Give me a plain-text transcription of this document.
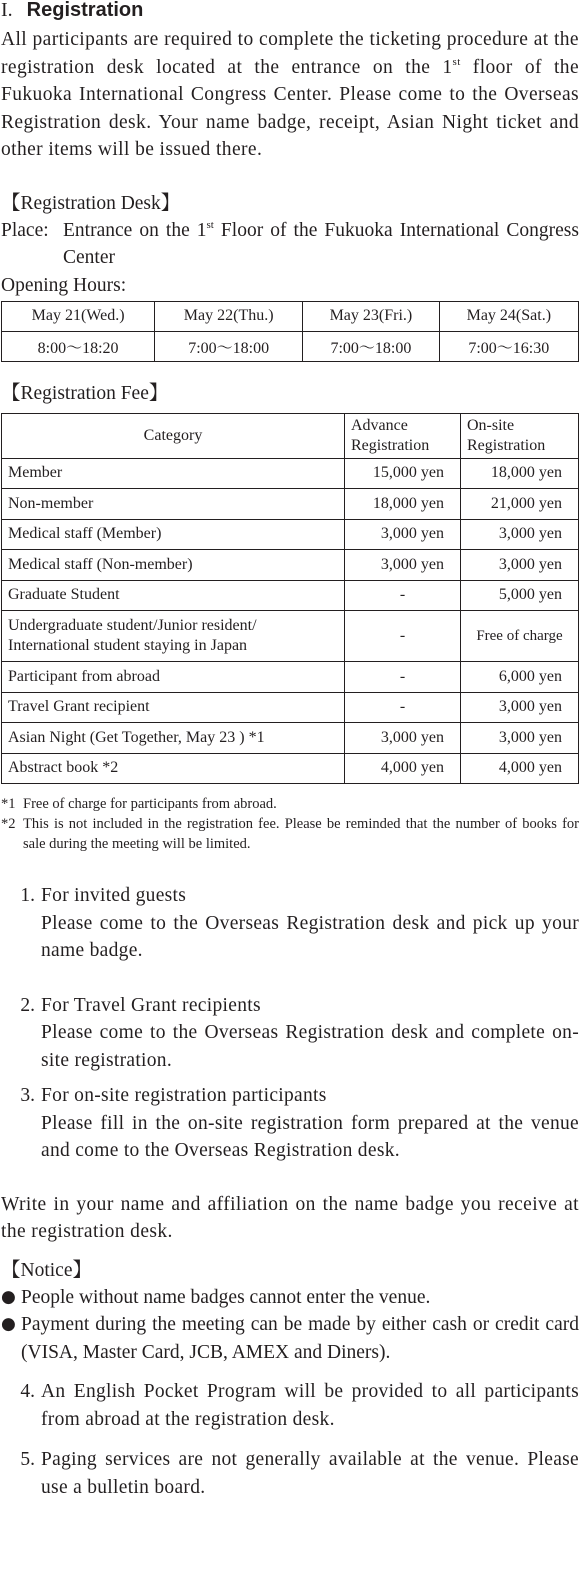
I. Registration

All participants are required to complete the ticketing procedure at the registration desk located at the entrance on the 1st floor of the Fukuoka International Congress Center. Please come to the Overseas Registration desk. Your name badge, receipt, Asian Night ticket and other items will be issued there.

【Registration Desk】

Place: Entrance on the 1st Floor of the Fukuoka International Congress Center

Opening Hours:

May 21(Wed.)	May 22(Thu.)	May 23(Fri.)	May 24(Sat.)
8:00〜18:20	7:00〜18:00	7:00〜18:00	7:00〜16:30

【Registration Fee】

Category	Advance Registration	On-site Registration
Member	15,000 yen	18,000 yen
Non-member	18,000 yen	21,000 yen
Medical staff (Member)	3,000 yen	3,000 yen
Medical staff (Non-member)	3,000 yen	3,000 yen
Graduate Student	-	5,000 yen
Undergraduate student/Junior resident/ International student staying in Japan	-	Free of charge
Participant from abroad	-	6,000 yen
Travel Grant recipient	-	3,000 yen
Asian Night (Get Together, May 23 ) *1	3,000 yen	3,000 yen
Abstract book *2	4,000 yen	4,000 yen
*1 Free of charge for participants from abroad.
*2 This is not included in the registration fee. Please be reminded that the number of books for sale during the meeting will be limited.
1. For invited guests
Please come to the Overseas Registration desk and pick up your name badge.
2. For Travel Grant recipients
Please come to the Overseas Registration desk and complete on-site registration.
3. For on-site registration participants
Please fill in the on-site registration form prepared at the venue and come to the Overseas Registration desk.

Write in your name and affiliation on the name badge you receive at the registration desk.

【Notice】

● People without name badges cannot enter the venue.
● Payment during the meeting can be made by either cash or credit card (VISA, Master Card, JCB, AMEX and Diners).
4. An English Pocket Program will be provided to all participants from abroad at the registration desk.
5. Paging services are not generally available at the venue. Please use a bulletin board.
